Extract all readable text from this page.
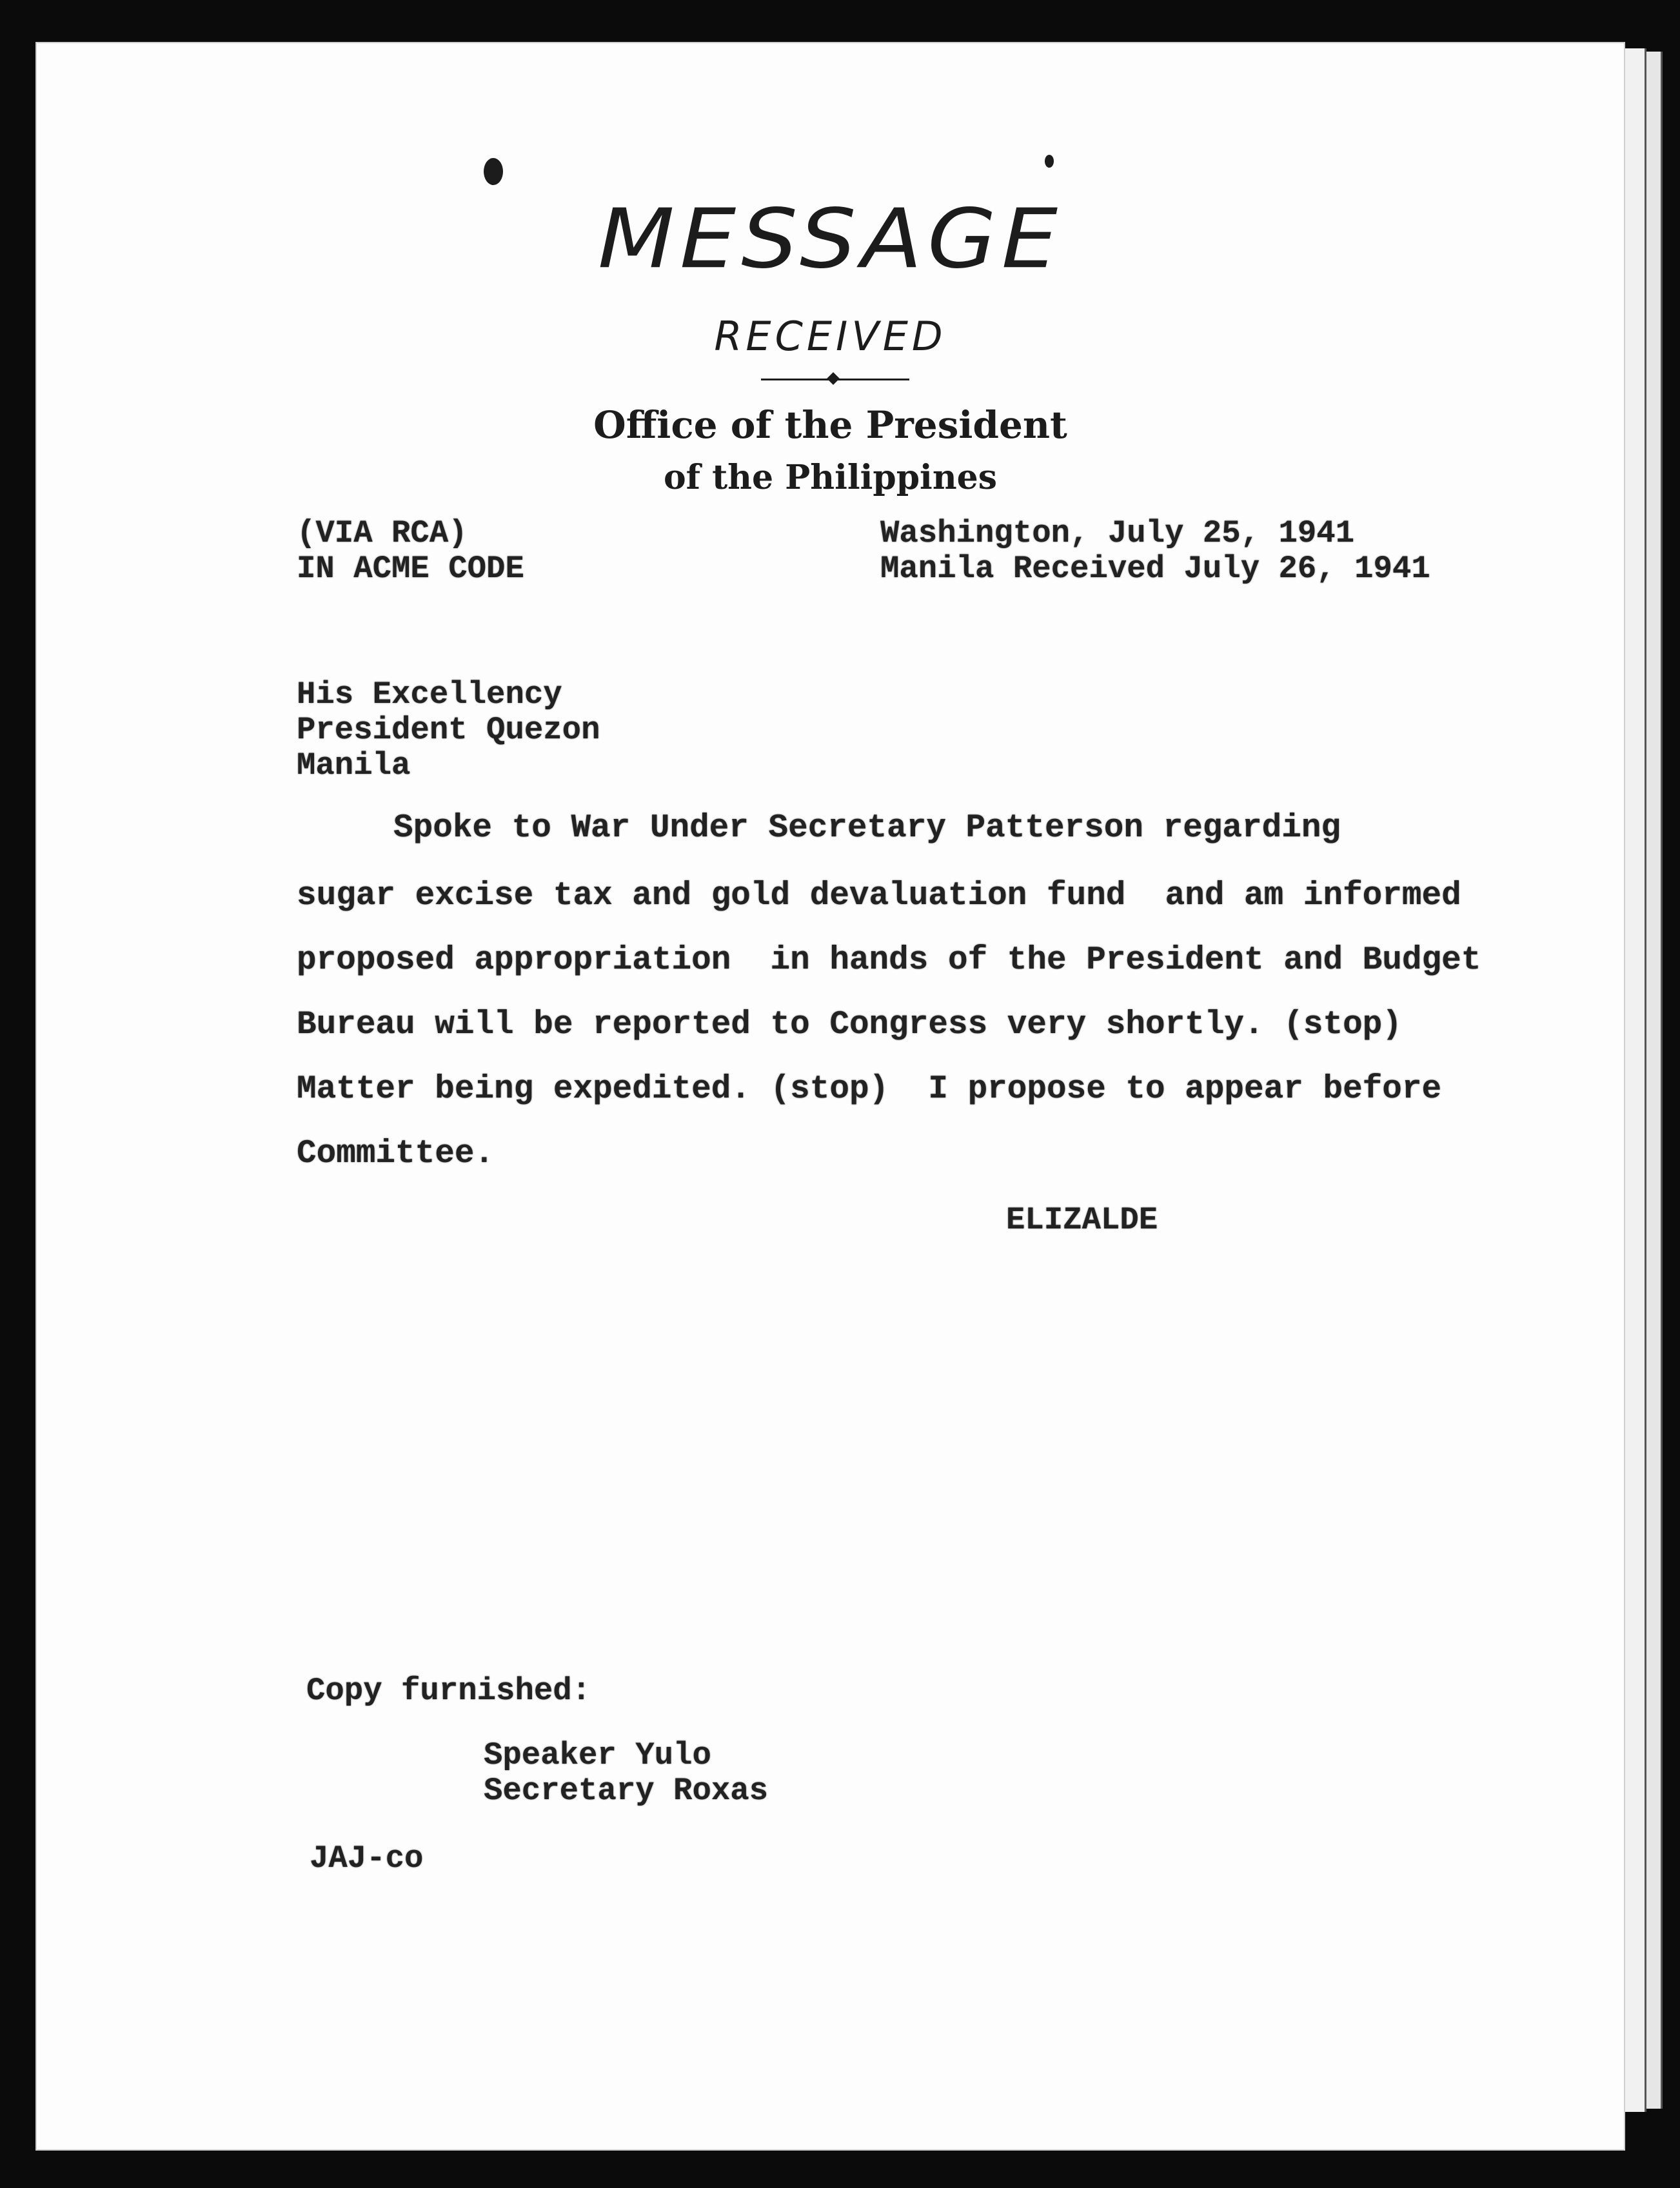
MESSAGE
RECEIVED
Office of the President
of the Philippines
(VIA RCA)
IN ACME CODE
Washington, July 25, 1941
Manila Received July 26, 1941
His Excellency
President Quezon
Manila
Spoke to War Under Secretary Patterson regarding
sugar excise tax and gold devaluation fund  and am informed
proposed appropriation  in hands of the President and Budget
Bureau will be reported to Congress very shortly. (stop)
Matter being expedited. (stop)  I propose to appear before
Committee.
ELIZALDE
Copy furnished:
Speaker Yulo
Secretary Roxas
JAJ-co
